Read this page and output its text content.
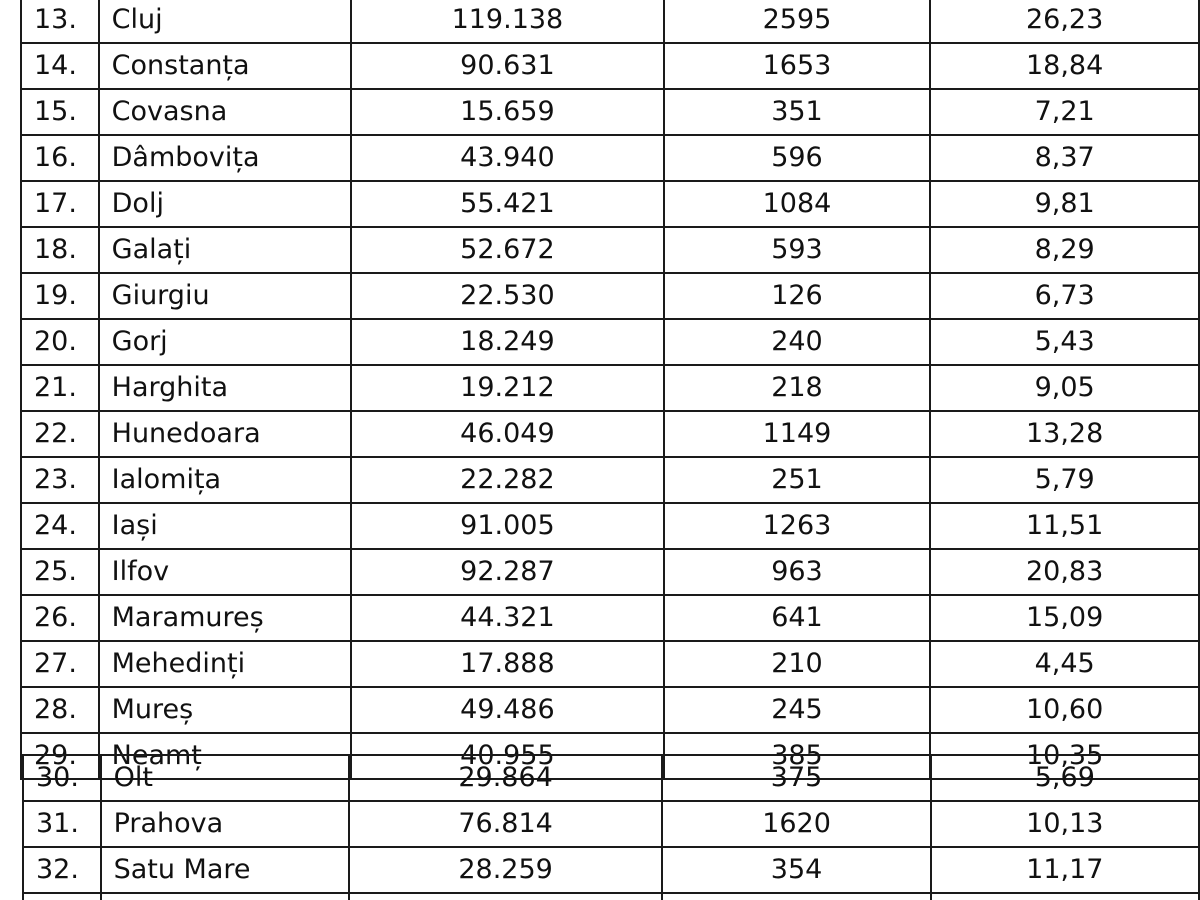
13.	Cluj	119.138	2595	26,23
14.	Constanța	90.631	1653	18,84
15.	Covasna	15.659	351	7,21
16.	Dâmbovița	43.940	596	8,37
17.	Dolj	55.421	1084	9,81
18.	Galați	52.672	593	8,29
19.	Giurgiu	22.530	126	6,73
20.	Gorj	18.249	240	5,43
21.	Harghita	19.212	218	9,05
22.	Hunedoara	46.049	1149	13,28
23.	Ialomița	22.282	251	5,79
24.	Iași	91.005	1263	11,51
25.	Ilfov	92.287	963	20,83
26.	Maramureș	44.321	641	15,09
27.	Mehedinți	17.888	210	4,45
28.	Mureș	49.486	245	10,60
29.	Neamț	40.955	385	10,35
30.	Olt	29.864	375	5,69
31.	Prahova	76.814	1620	10,13
32.	Satu Mare	28.259	354	11,17
